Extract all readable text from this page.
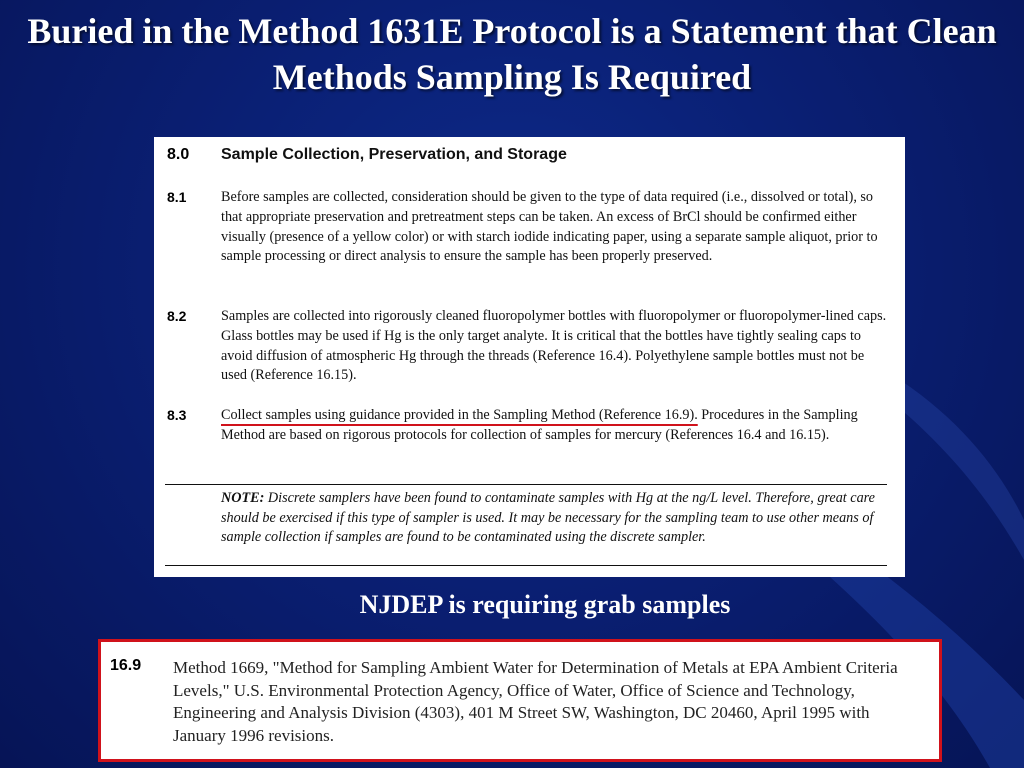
Buried in the Method 1631E Protocol is a Statement that Clean Methods Sampling Is Required
8.0 Sample Collection, Preservation, and Storage
8.1 Before samples are collected, consideration should be given to the type of data required (i.e., dissolved or total), so that appropriate preservation and pretreatment steps can be taken. An excess of BrCl should be confirmed either visually (presence of a yellow color) or with starch iodide indicating paper, using a separate sample aliquot, prior to sample processing or direct analysis to ensure the sample has been properly preserved.
8.2 Samples are collected into rigorously cleaned fluoropolymer bottles with fluoropolymer or fluoropolymer-lined caps. Glass bottles may be used if Hg is the only target analyte. It is critical that the bottles have tightly sealing caps to avoid diffusion of atmospheric Hg through the threads (Reference 16.4). Polyethylene sample bottles must not be used (Reference 16.15).
8.3 Collect samples using guidance provided in the Sampling Method (Reference 16.9). Procedures in the Sampling Method are based on rigorous protocols for collection of samples for mercury (References 16.4 and 16.15).
NOTE: Discrete samplers have been found to contaminate samples with Hg at the ng/L level. Therefore, great care should be exercised if this type of sampler is used. It may be necessary for the sampling team to use other means of sample collection if samples are found to be contaminated using the discrete sampler.
NJDEP is requiring grab samples
16.9 Method 1669, "Method for Sampling Ambient Water for Determination of Metals at EPA Ambient Criteria Levels," U.S. Environmental Protection Agency, Office of Water, Office of Science and Technology, Engineering and Analysis Division (4303), 401 M Street SW, Washington, DC 20460, April 1995 with January 1996 revisions.
